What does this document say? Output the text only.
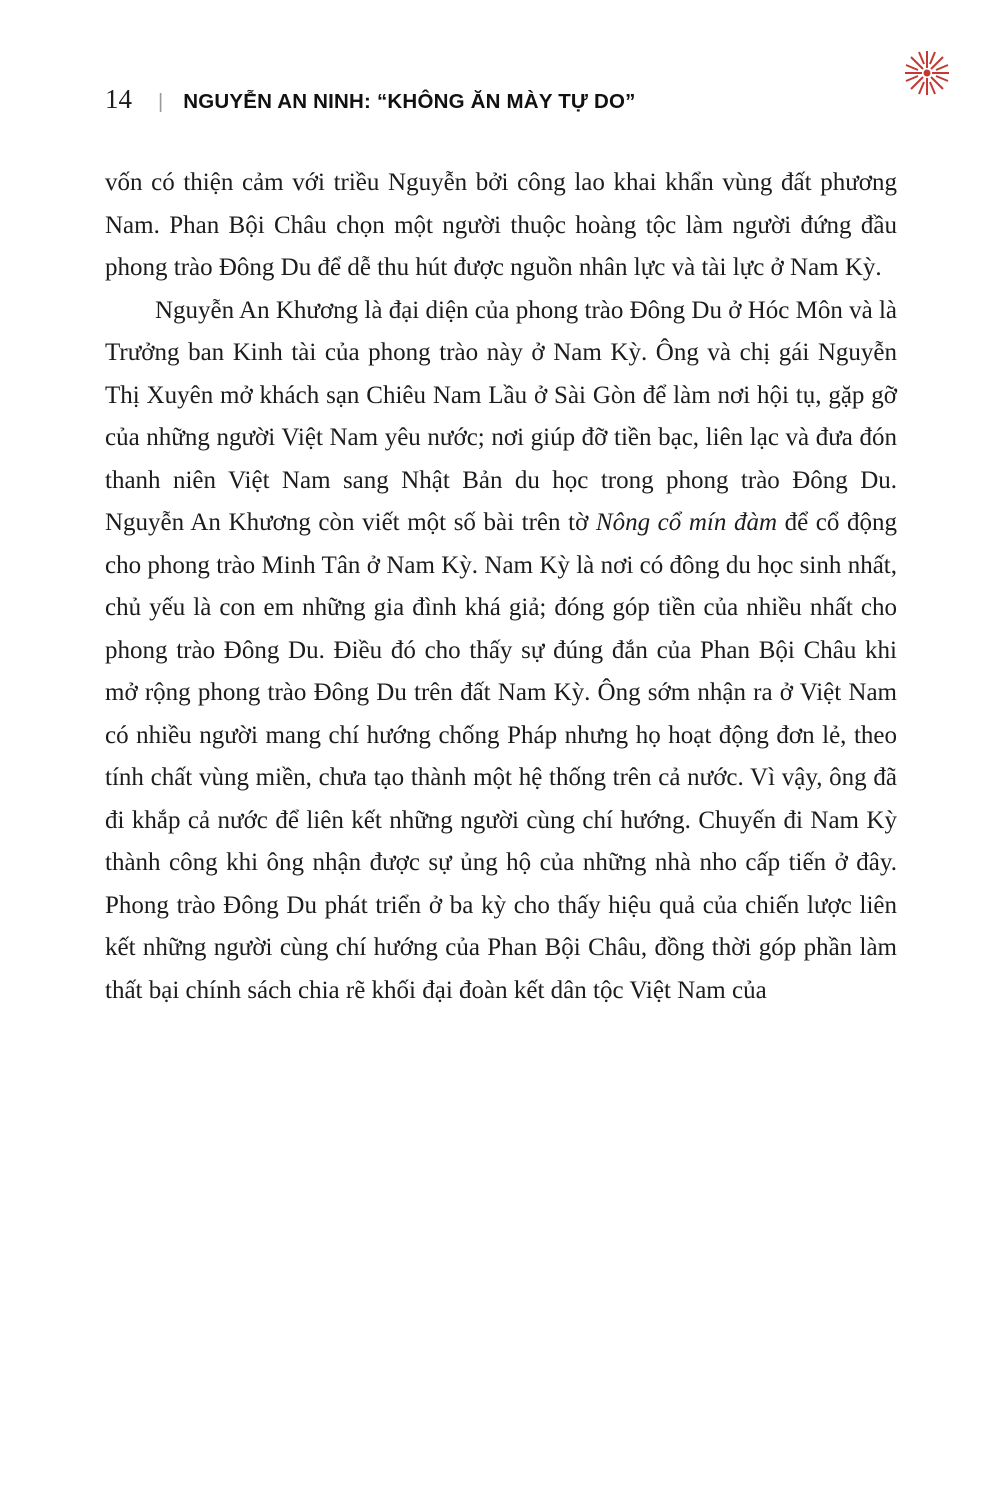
14 | NGUYỄN AN NINH: “KHÔNG ĂN MÀY TỰ DO”

vốn có thiện cảm với triều Nguyễn bởi công lao khai khẩn vùng đất phương Nam. Phan Bội Châu chọn một người thuộc hoàng tộc làm người đứng đầu phong trào Đông Du để dễ thu hút được nguồn nhân lực và tài lực ở Nam Kỳ.

Nguyễn An Khương là đại diện của phong trào Đông Du ở Hóc Môn và là Trưởng ban Kinh tài của phong trào này ở Nam Kỳ. Ông và chị gái Nguyễn Thị Xuyên mở khách sạn Chiêu Nam Lầu ở Sài Gòn để làm nơi hội tụ, gặp gỡ của những người Việt Nam yêu nước; nơi giúp đỡ tiền bạc, liên lạc và đưa đón thanh niên Việt Nam sang Nhật Bản du học trong phong trào Đông Du. Nguyễn An Khương còn viết một số bài trên tờ Nông cổ mín đàm để cổ động cho phong trào Minh Tân ở Nam Kỳ. Nam Kỳ là nơi có đông du học sinh nhất, chủ yếu là con em những gia đình khá giả; đóng góp tiền của nhiều nhất cho phong trào Đông Du. Điều đó cho thấy sự đúng đắn của Phan Bội Châu khi mở rộng phong trào Đông Du trên đất Nam Kỳ. Ông sớm nhận ra ở Việt Nam có nhiều người mang chí hướng chống Pháp nhưng họ hoạt động đơn lẻ, theo tính chất vùng miền, chưa tạo thành một hệ thống trên cả nước. Vì vậy, ông đã đi khắp cả nước để liên kết những người cùng chí hướng. Chuyến đi Nam Kỳ thành công khi ông nhận được sự ủng hộ của những nhà nho cấp tiến ở đây. Phong trào Đông Du phát triển ở ba kỳ cho thấy hiệu quả của chiến lược liên kết những người cùng chí hướng của Phan Bội Châu, đồng thời góp phần làm thất bại chính sách chia rẽ khối đại đoàn kết dân tộc Việt Nam của
